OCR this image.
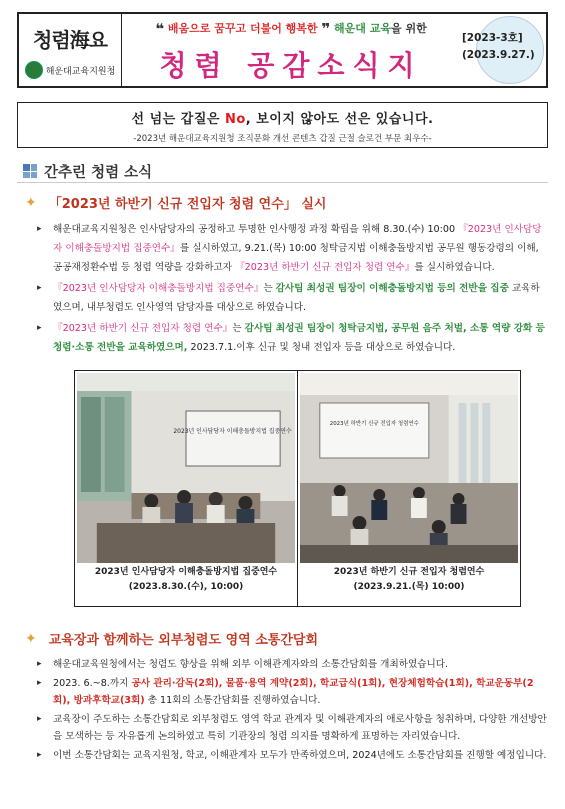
청렴海요
해운대교육지원청
❝ 배움으로 꿈꾸고 더불어 행복한 ❞ 해운대 교육을 위한
청렴 공감소식지
[2023-3호]
(2023.9.27.)
선 넘는 갑질은 No, 보이지 않아도 선은 있습니다.
-2023년 해운대교육지원청 조직문화 개선 콘텐츠 갑질 근절 슬로건 부문 최우수-
간추린 청렴 소식
✦ 「2023년 하반기 신규 전입자 청렴 연수」 실시
▸ 해운대교육지원청은 인사담당자의 공정하고 투명한 인사행정 과정 확립을 위해 8.30.(수) 10:00 『2023년 인사담당자 이해충돌방지법 집중연수』를 실시하였고, 9.21.(목) 10:00 청탁금지법 이해충돌방지법 공무원 행동강령의 이해, 공공재정환수법 등 청렴 역량을 강화하고자 『2023년 하반기 신규 전입자 청렴 연수』를 실시하였습니다.
▸ 『2023년 인사담당자 이해충돌방지법 집중연수』는 감사팀 최성권 팀장이 이해충돌방지법 등의 전반을 집중 교육하였으며, 내부청렴도 인사영역 담당자를 대상으로 하였습니다.
▸ 『2023년 하반기 신규 전입자 청렴 연수』는 감사팀 최성권 팀장이 청탁금지법, 공무원 음주 처벌, 소통 역량 강화 등 청렴·소통 전반을 교육하였으며, 2023.7.1.이후 신규 및 청내 전입자 등을 대상으로 하였습니다.
2023년 인사담당자 이해충돌방지법 집중연수
2023년 인사담당자 이해충돌방지법 집중연수
(2023.8.30.(수), 10:00)
2023년 하반기 신규 전입자 청렴연수
2023년 하반기 신규 전입자 청렴연수
(2023.9.21.(목) 10:00)
✦ 교육장과 함께하는 외부청렴도 영역 소통간담회
▸ 해운대교육원청에서는 청렴도 향상을 위해 외부 이해관계자와의 소통간담회를 개최하였습니다.
▸ 2023. 6.~8.까지 공사 관리·감독(2회), 물품·용역 계약(2회), 학교급식(1회), 현장체험학습(1회), 학교운동부(2회), 방과후학교(3회) 총 11회의 소통간담회를 진행하였습니다.
▸ 교육장이 주도하는 소통간담회로 외부청렴도 영역 학교 관계자 및 이해관계자의 애로사항을 청취하며, 다양한 개선방안을 모색하는 등 자유롭게 논의하였고 특히 기관장의 청렴 의지를 명확하게 표명하는 자리였습니다.
▸ 이번 소통간담회는 교육지원청, 학교, 이해관계자 모두가 만족하였으며, 2024년에도 소통간담회를 진행할 예정입니다.
